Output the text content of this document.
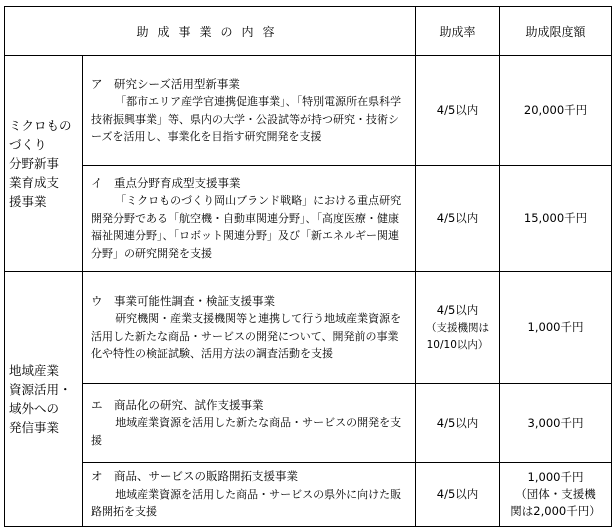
助成事業の内容		助成率	助成限度額
ミクロもの
づくり
分野新事
業育成支
援事業	ア　研究シーズ活用型新事業
「都市エリア産学官連携促進事業」、「特別電源所在県科学技術振興事業」等、県内の大学・公設試等が持つ研究・技術シーズを活用し、事業化を目指す研究開発を支援	4/5以内	20,000千円

	イ　重点分野育成型支援事業
「ミクロものづくり岡山ブランド戦略」における重点研究開発分野である「航空機・自動車関連分野」、「高度医療・健康福祉関連分野」、「ロボット関連分野」及び「新エネルギー関連分野」の研究開発を支援	4/5以内	15,000千円
地域産業
資源活用・
域外への
発信事業	ウ　事業可能性調査・検証支援事業
研究機関・産業支援機関等と連携して行う地域産業資源を活用した新たな商品・サービスの開発について、開発前の事業化や特性の検証試験、活用方法の調査活動を支援	4/5以内
（支援機関は
10/10以内）	1,000千円

	エ　商品化の研究、試作支援事業
地域産業資源を活用した新たな商品・サービスの開発を支援	4/5以内	3,000千円

	オ　商品、サービスの販路開拓支援事業
地域産業資源を活用した商品・サービスの県外に向けた販路開拓を支援	4/5以内	1,000千円
（団体・支援機
関は2,000千円）
